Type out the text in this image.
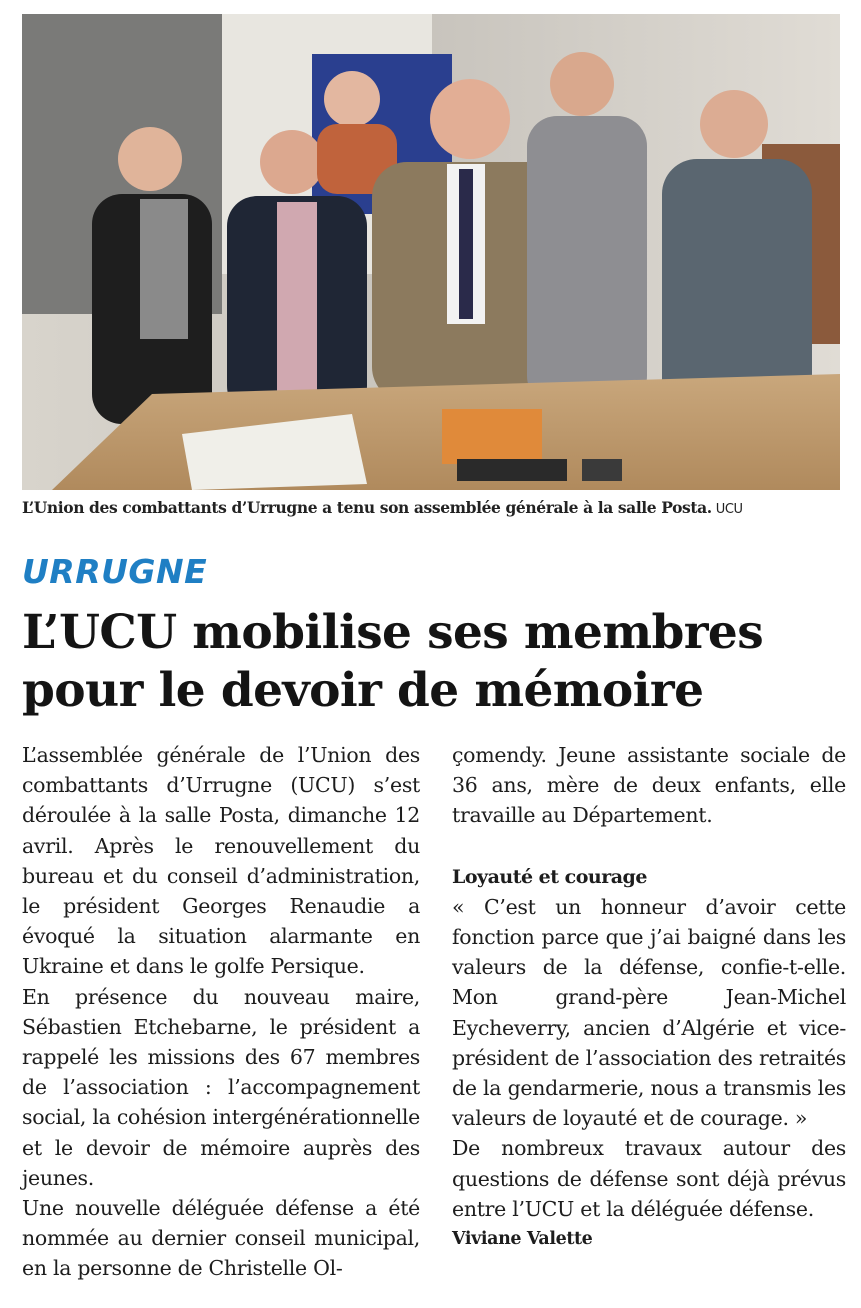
L’Union des combattants d’Urrugne a tenu son assemblée générale à la salle Posta. UCU
URRUGNE
L’UCU mobilise ses membres pour le devoir de mémoire

L’assemblée générale de l’Union des combattants d’Urrugne (UCU) s’est déroulée à la salle Posta, dimanche 12 avril. Après le renouvellement du bureau et du conseil d’administration, le président Georges Renaudie a évoqué la situation alarmante en Ukraine et dans le golfe Persique.

En présence du nouveau maire, Sébastien Etchebarne, le président a rappelé les missions des 67 membres de l’association : l’accompagnement social, la cohésion intergénérationnelle et le devoir de mémoire auprès des jeunes.

Une nouvelle déléguée défense a été nommée au dernier conseil municipal, en la personne de Christelle Ol-

çomendy. Jeune assistante sociale de 36 ans, mère de deux enfants, elle travaille au Département.

Loyauté et courage

« C’est un honneur d’avoir cette fonction parce que j’ai baigné dans les valeurs de la défense, confie-t-elle. Mon grand-père Jean-Michel Eycheverry, ancien d’Algérie et vice-président de l’association des retraités de la gendarmerie, nous a transmis les valeurs de loyauté et de courage. »

De nombreux travaux autour des questions de défense sont déjà prévus entre l’UCU et la déléguée défense.

Viviane Valette
